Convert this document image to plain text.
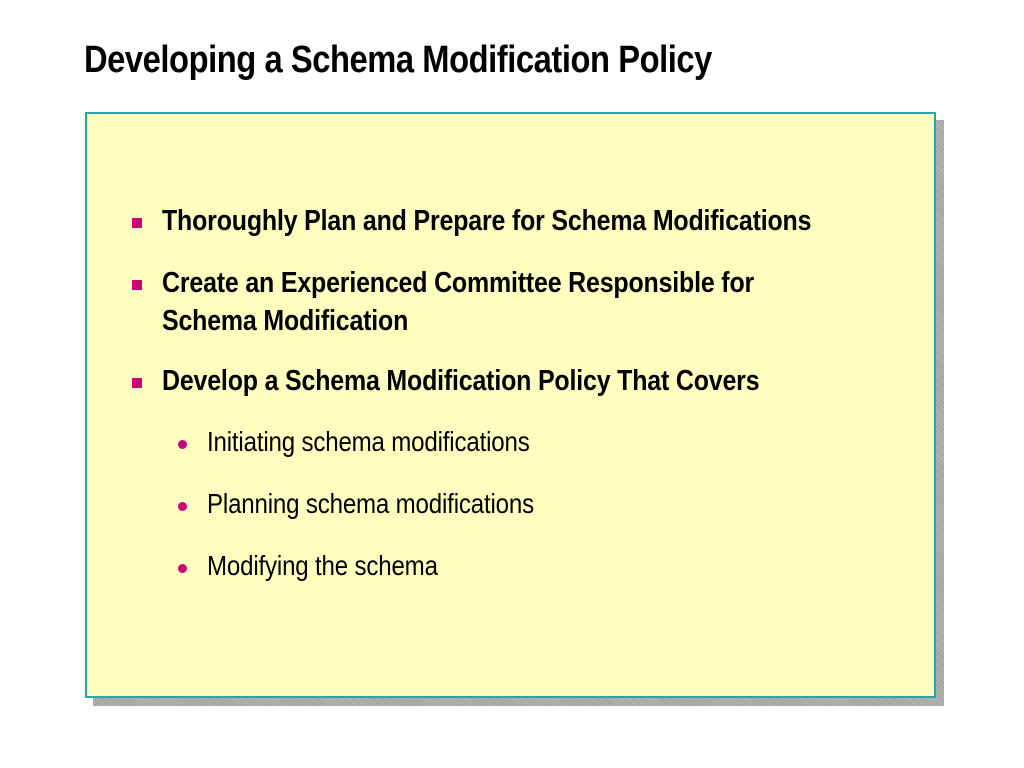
Developing a Schema Modification Policy
Thoroughly Plan and Prepare for Schema Modifications
Create an Experienced Committee Responsible for
Schema Modification
Develop a Schema Modification Policy That Covers
Initiating schema modifications
Planning schema modifications
Modifying the schema
